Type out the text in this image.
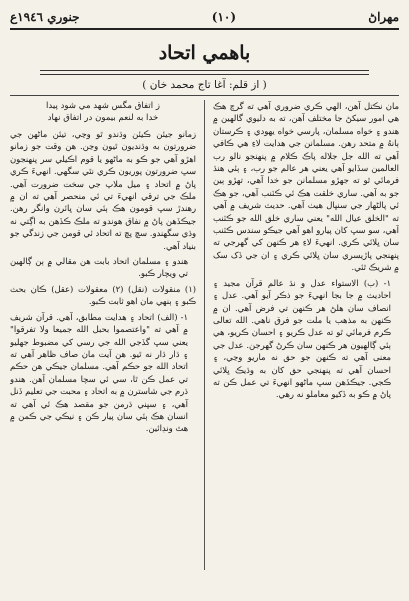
جنوري ١٩٤٦ع	(١٠)	مهراڻ
باهمي اتحاد
( از قلم: آغا تاج محمد خان )
ز اتفاق مگس شهد مي شود پيدا
خدا به لنعم بيمون در اتفاق نهاد

زمانو جيئن ڪيئن وڌندو ٿو وڃي، تيئن ماڻهن جي ضرورتون به وڌنديون ٿيون وڃن. هن وقت جو زمانو اهڙو آهي جو ڪو به ماڻهو يا قوم اڪيلي سر پنهنجون سڀ ضرورتون پوريون ڪري نٿي سگهي. انهيءَ ڪري پاڻ ۾ اتحاد ۽ ميل ملاپ جي سخت ضرورت آهي. ملڪ جي ترقي انهيءَ تي ئي منحصر آهي ته ان ۾ رهندڙ سڀ قومون هڪ ٻئي سان ڀائرن وانگر رهن. جيڪڏهن پاڻ ۾ نفاق هوندو ته ملڪ ڪڏهن به اڳتي نه وڌي سگهندو. سچ پچ ته اتحاد ئي قومن جي زندگي جو بنياد آهي.

هندو ۽ مسلمان اتحاد بابت هن مقالي ۾ ٻن ڳالهين تي ويچار ڪبو.

(١) منقولات (نقل) (٢) معقولات (عقل) ڪان بحث ڪبو ۽ ٻنهي مان اهو ثابت ڪبو.

١- (الف) اتحاد ۽ هدايت مطابق، آهي. قرآن شريف ۾ آهي ته "واعتصموا بحبل الله جميعا ولا تفرقوا" يعني سڀ گڏجي الله جي رسي کي مضبوط جهليو ۽ ڌار ڌار نه ٿيو. هن آيت مان صاف ظاهر آهي ته اتحاد الله جو حڪم آهي. مسلمان جيڪي هن حڪم تي عمل ڪن ٿا، سي ئي سچا مسلمان آهن. هندو ڌرم جي شاسترن ۾ به اتحاد ۽ محبت جي تعليم ڏنل آهي، ۽ سڀني ڌرمن جو مقصد هڪ ئي آهي ته انسان هڪ ٻئي سان پيار ڪن ۽ نيڪي جي ڪمن ۾ هٿ ونڊائين.

مان نڪتل آهن، الهي ڪري ضروري آهي ته گرچ هڪ هي امور سيکڻ جا مختلف آهن، ته به دليوي گالهين ۾ هندو ۽ خواه مسلمان، پارسي خواه يهودي ۽ ڪرستان ٻانهُ ۾ متحد رهن. مسلمانن جي هدايت لاءِ هي ڪافي آهي ته الله جل جلاله پاڪ ڪلام ۾ پنهنجو نالو رب العالمين سڏايو آهي يعني هر عالم جو رب، ۽ ٻئي هنڌ فرمائي ٿو ته جهڙو مسلمانن جو خدا آهي، تهڙو ٻين جو به آهي. ساري خلقت هڪ ئي ڪٽنب آهي، جو هڪ ئي پالڻهار جي سنڀال هيٺ آهي. حديث شريف ۾ آهي ته "الخلق عيال الله" يعني ساري خلق الله جو ڪٽنب آهي، سو سڀ کان پيارو اهو آهي جيڪو سندس ڪٽنب سان ڀلائي ڪري. انهيءَ لاءِ هر ڪنهن کي گهرجي ته پنهنجي پاڙيسري سان ڀلائي ڪري ۽ ان جي ڏک سک ۾ شريڪ ٿئي.

١- (ب) الاستواء عدل و نڌ عالم قرآن مجيد ۽ احاديث ۾ جا بجا انهيءَ جو ذڪر آيو آهي. عدل ۽ انصاف سان هلڻ هر ڪنهن تي فرض آهي. ان ۾ ڪنهن به مذهب يا ملت جو فرق ناهي. الله تعالى ڪرم فرمائي ٿو ته عدل ڪريو ۽ احسان ڪريو، هي ٻئي ڳالهيون هر ڪنهن سان ڪرڻ گهرجن. عدل جي معنى آهي ته ڪنهن جو حق نه ماريو وڃي، ۽ احسان آهي ته پنهنجي حق کان به وڌيڪ ڀلائي ڪجي. جيڪڏهن سڀ ماڻهو انهيءَ تي عمل ڪن ته پاڻ ۾ ڪو به ڏکيو معاملو نه رهي.
